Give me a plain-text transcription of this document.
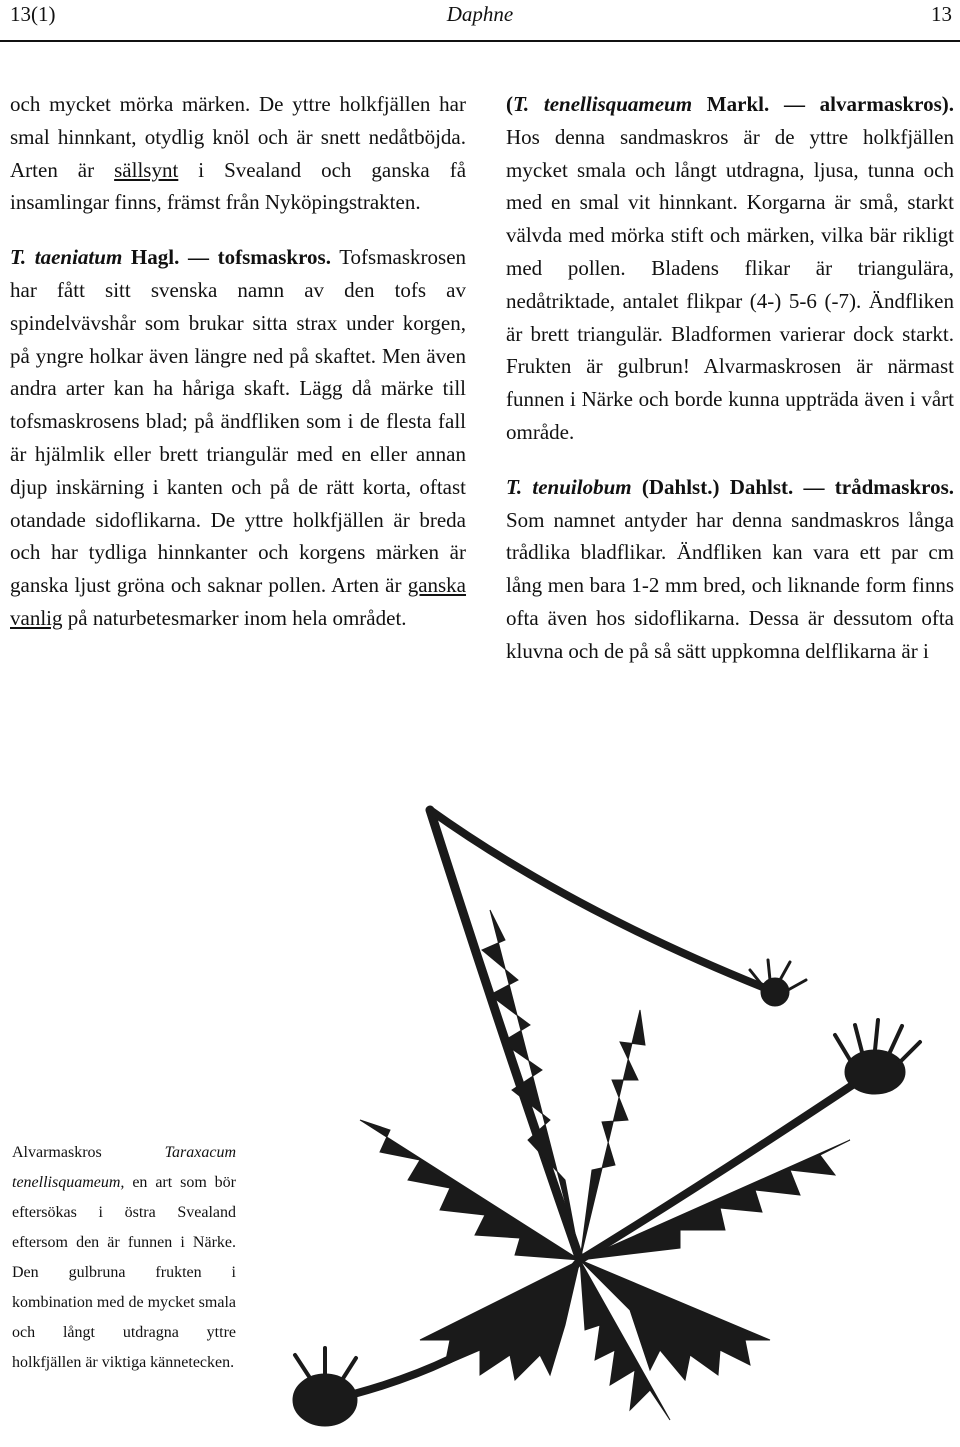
13(1)	Daphne	13

och mycket mörka märken. De yttre holkfjällen har smal hinnkant, otydlig knöl och är snett nedåtböjda. Arten är sällsynt i Svealand och ganska få insamlingar finns, främst från Nyköpingstrakten.

T. taeniatum Hagl. — tofsmaskros. Tofsmaskrosen har fått sitt svenska namn av den tofs av spindelvävshår som brukar sitta strax under korgen, på yngre holkar även längre ned på skaftet. Men även andra arter kan ha håriga skaft. Lägg då märke till tofsmaskrosens blad; på ändfliken som i de flesta fall är hjälmlik eller brett triangulär med en eller annan djup inskärning i kanten och på de rätt korta, oftast otandade sidoflikarna. De yttre holkfjällen är breda och har tydliga hinnkanter och korgens märken är ganska ljust gröna och saknar pollen. Arten är ganska vanlig på naturbetesmarker inom hela området.

(T. tenellisquameum Markl. — alvarmaskros). Hos denna sandmaskros är de yttre holkfjällen mycket smala och långt utdragna, ljusa, tunna och med en smal vit hinnkant. Korgarna är små, starkt välvda med mörka stift och märken, vilka bär rikligt med pollen. Bladens flikar är triangulära, nedåtriktade, antalet flikpar (4-) 5-6 (-7). Ändfliken är brett triangulär. Bladformen varierar dock starkt. Frukten är gulbrun! Alvarmaskrosen är närmast funnen i Närke och borde kunna uppträda även i vårt område.

T. tenuilobum (Dahlst.) Dahlst. — trådmaskros. Som namnet antyder har denna sandmaskros långa trådlika bladflikar. Ändfliken kan vara ett par cm lång men bara 1-2 mm bred, och liknande form finns ofta även hos sidoflikarna. Dessa är dessutom ofta kluvna och de på så sätt uppkomna delflikarna är i

Alvarmaskros	Taraxacum tenellisquameum, en art som bör eftersökas i östra Svealand eftersom den är funnen i Närke. Den gulbruna frukten i kombination med de mycket smala och långt utdragna yttre holkfjällen är viktiga kännetecken.
